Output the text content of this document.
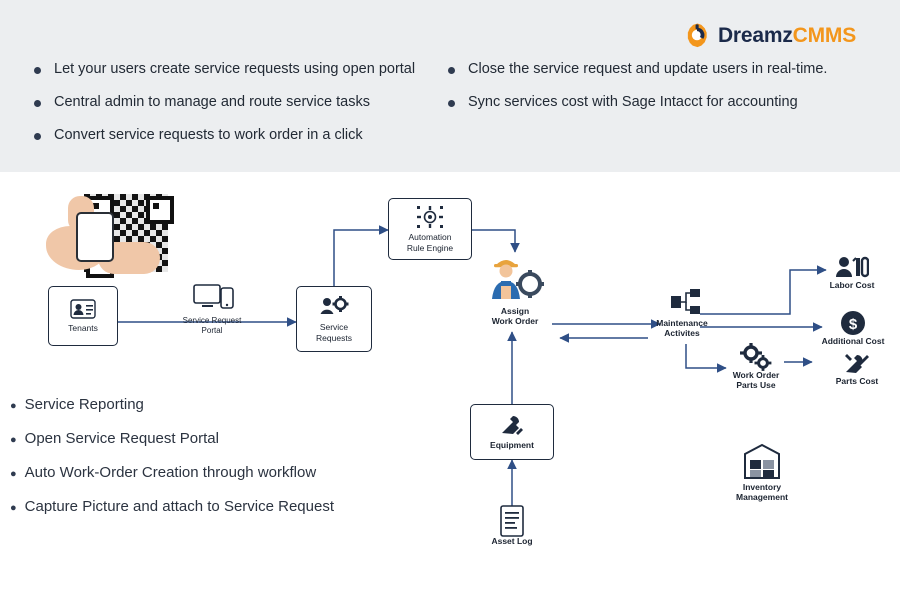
DreamzCMMS
Let your users create service requests using open portal
Central admin to manage and route service tasks
Convert service requests to work order in a click
Close the service request and update users in real-time.
Sync services cost with Sage Intacct for accounting
● Service Reporting
● Open Service Request Portal
● Auto Work-Order Creation through workflow
● Capture Picture and attach to Service Request
Tenants
Service Request
Portal	Service
Requests
Automation
Rule Engine
Assign
Work Order
Equipment
Asset Log
Maintenance
Activites
Work Order
Parts Use
Labor Cost
$
Additional Cost
Parts Cost
Inventory
Management
